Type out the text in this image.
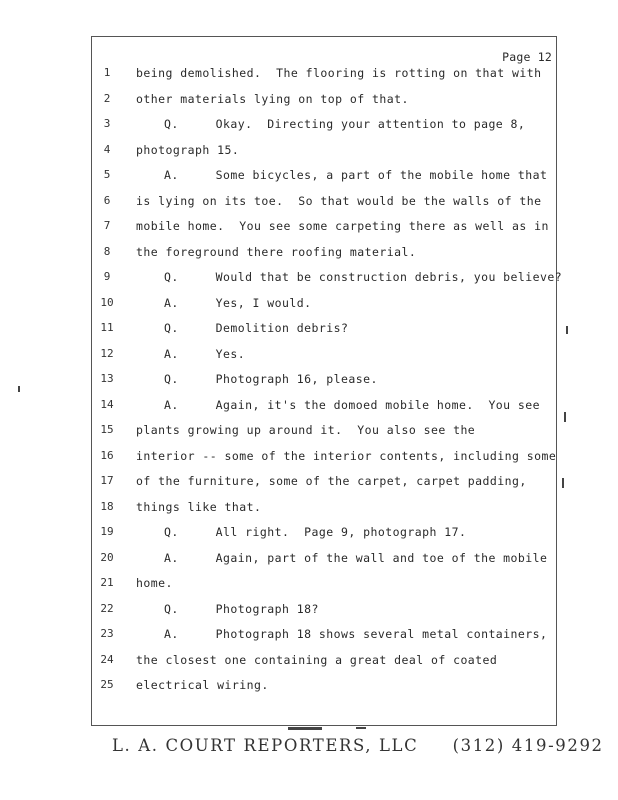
Page 12
1	being demolished.  The flooring is rotting on that with
2	other materials lying on top of that.
3	Q.     Okay.  Directing your attention to page 8,
4	photograph 15.
5	A.     Some bicycles, a part of the mobile home that
6	is lying on its toe.  So that would be the walls of the
7	mobile home.  You see some carpeting there as well as in
8	the foreground there roofing material.
9	Q.     Would that be construction debris, you believe?
10	A.     Yes, I would.
11	Q.     Demolition debris?
12	A.     Yes.
13	Q.     Photograph 16, please.
14	A.     Again, it's the domoed mobile home.  You see
15	plants growing up around it.  You also see the
16	interior -- some of the interior contents, including some
17	of the furniture, some of the carpet, carpet padding,
18	things like that.
19	Q.     All right.  Page 9, photograph 17.
20	A.     Again, part of the wall and toe of the mobile
21	home.
22	Q.     Photograph 18?
23	A.     Photograph 18 shows several metal containers,
24	the closest one containing a great deal of coated
25	electrical wiring.
L. A. COURT REPORTERS, LLC     (312) 419-9292
